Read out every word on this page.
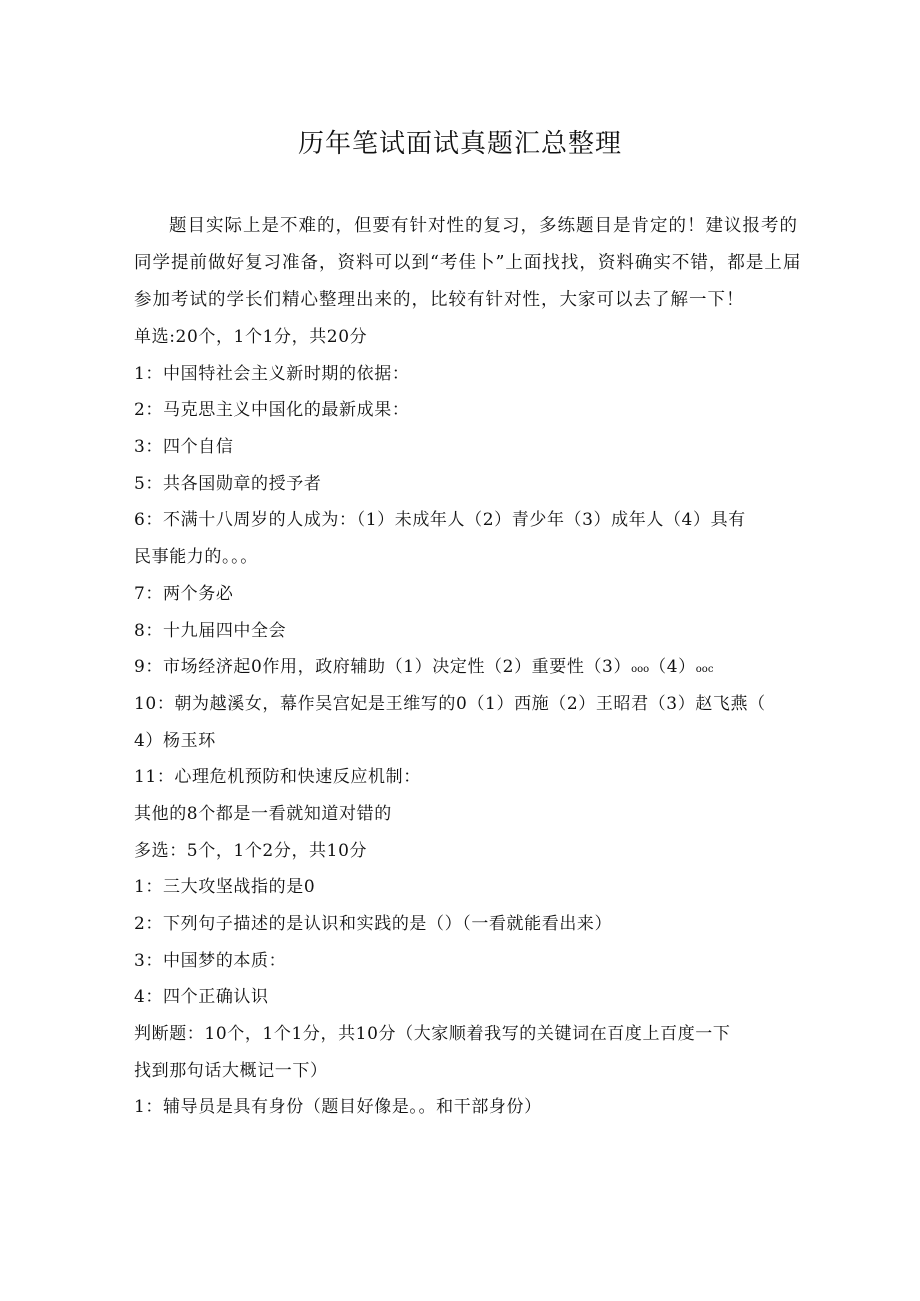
历年笔试面试真题汇总整理
题目实际上是不难的，但要有针对性的复习，多练题目是肯定的！建议报考的同学提前做好复习准备，资料可以到“考佳卜”上面找找，资料确实不错，都是上届参加考试的学长们精心整理出来的，比较有针对性，大家可以去了解一下！
单选:20个，1个1分，共20分
1：中国特社会主义新时期的依据：
2：马克思主义中国化的最新成果：
3：四个自信
5：共各国勋章的授予者
6：不满十八周岁的人成为：（1）未成年人（2）青少年（3）成年人（4）具有
民事能力的。。。
7：两个务必
8：十九届四中全会
9：市场经济起0作用，政府辅助（1）决定性（2）重要性（3）ooo（4）ooc
10：朝为越溪女，幕作吴宫妃是王维写的0（1）西施（2）王昭君（3）赵飞燕（
4）杨玉环
11：心理危机预防和快速反应机制：
其他的8个都是一看就知道对错的
多选：5个，1个2分，共10分
1：三大攻坚战指的是0
2：下列句子描述的是认识和实践的是（）（一看就能看出来）
3：中国梦的本质：
4：四个正确认识
判断题：10个，1个1分，共10分（大家顺着我写的关键词在百度上百度一下
找到那句话大概记一下）
1：辅导员是具有身份（题目好像是。。和干部身份）
